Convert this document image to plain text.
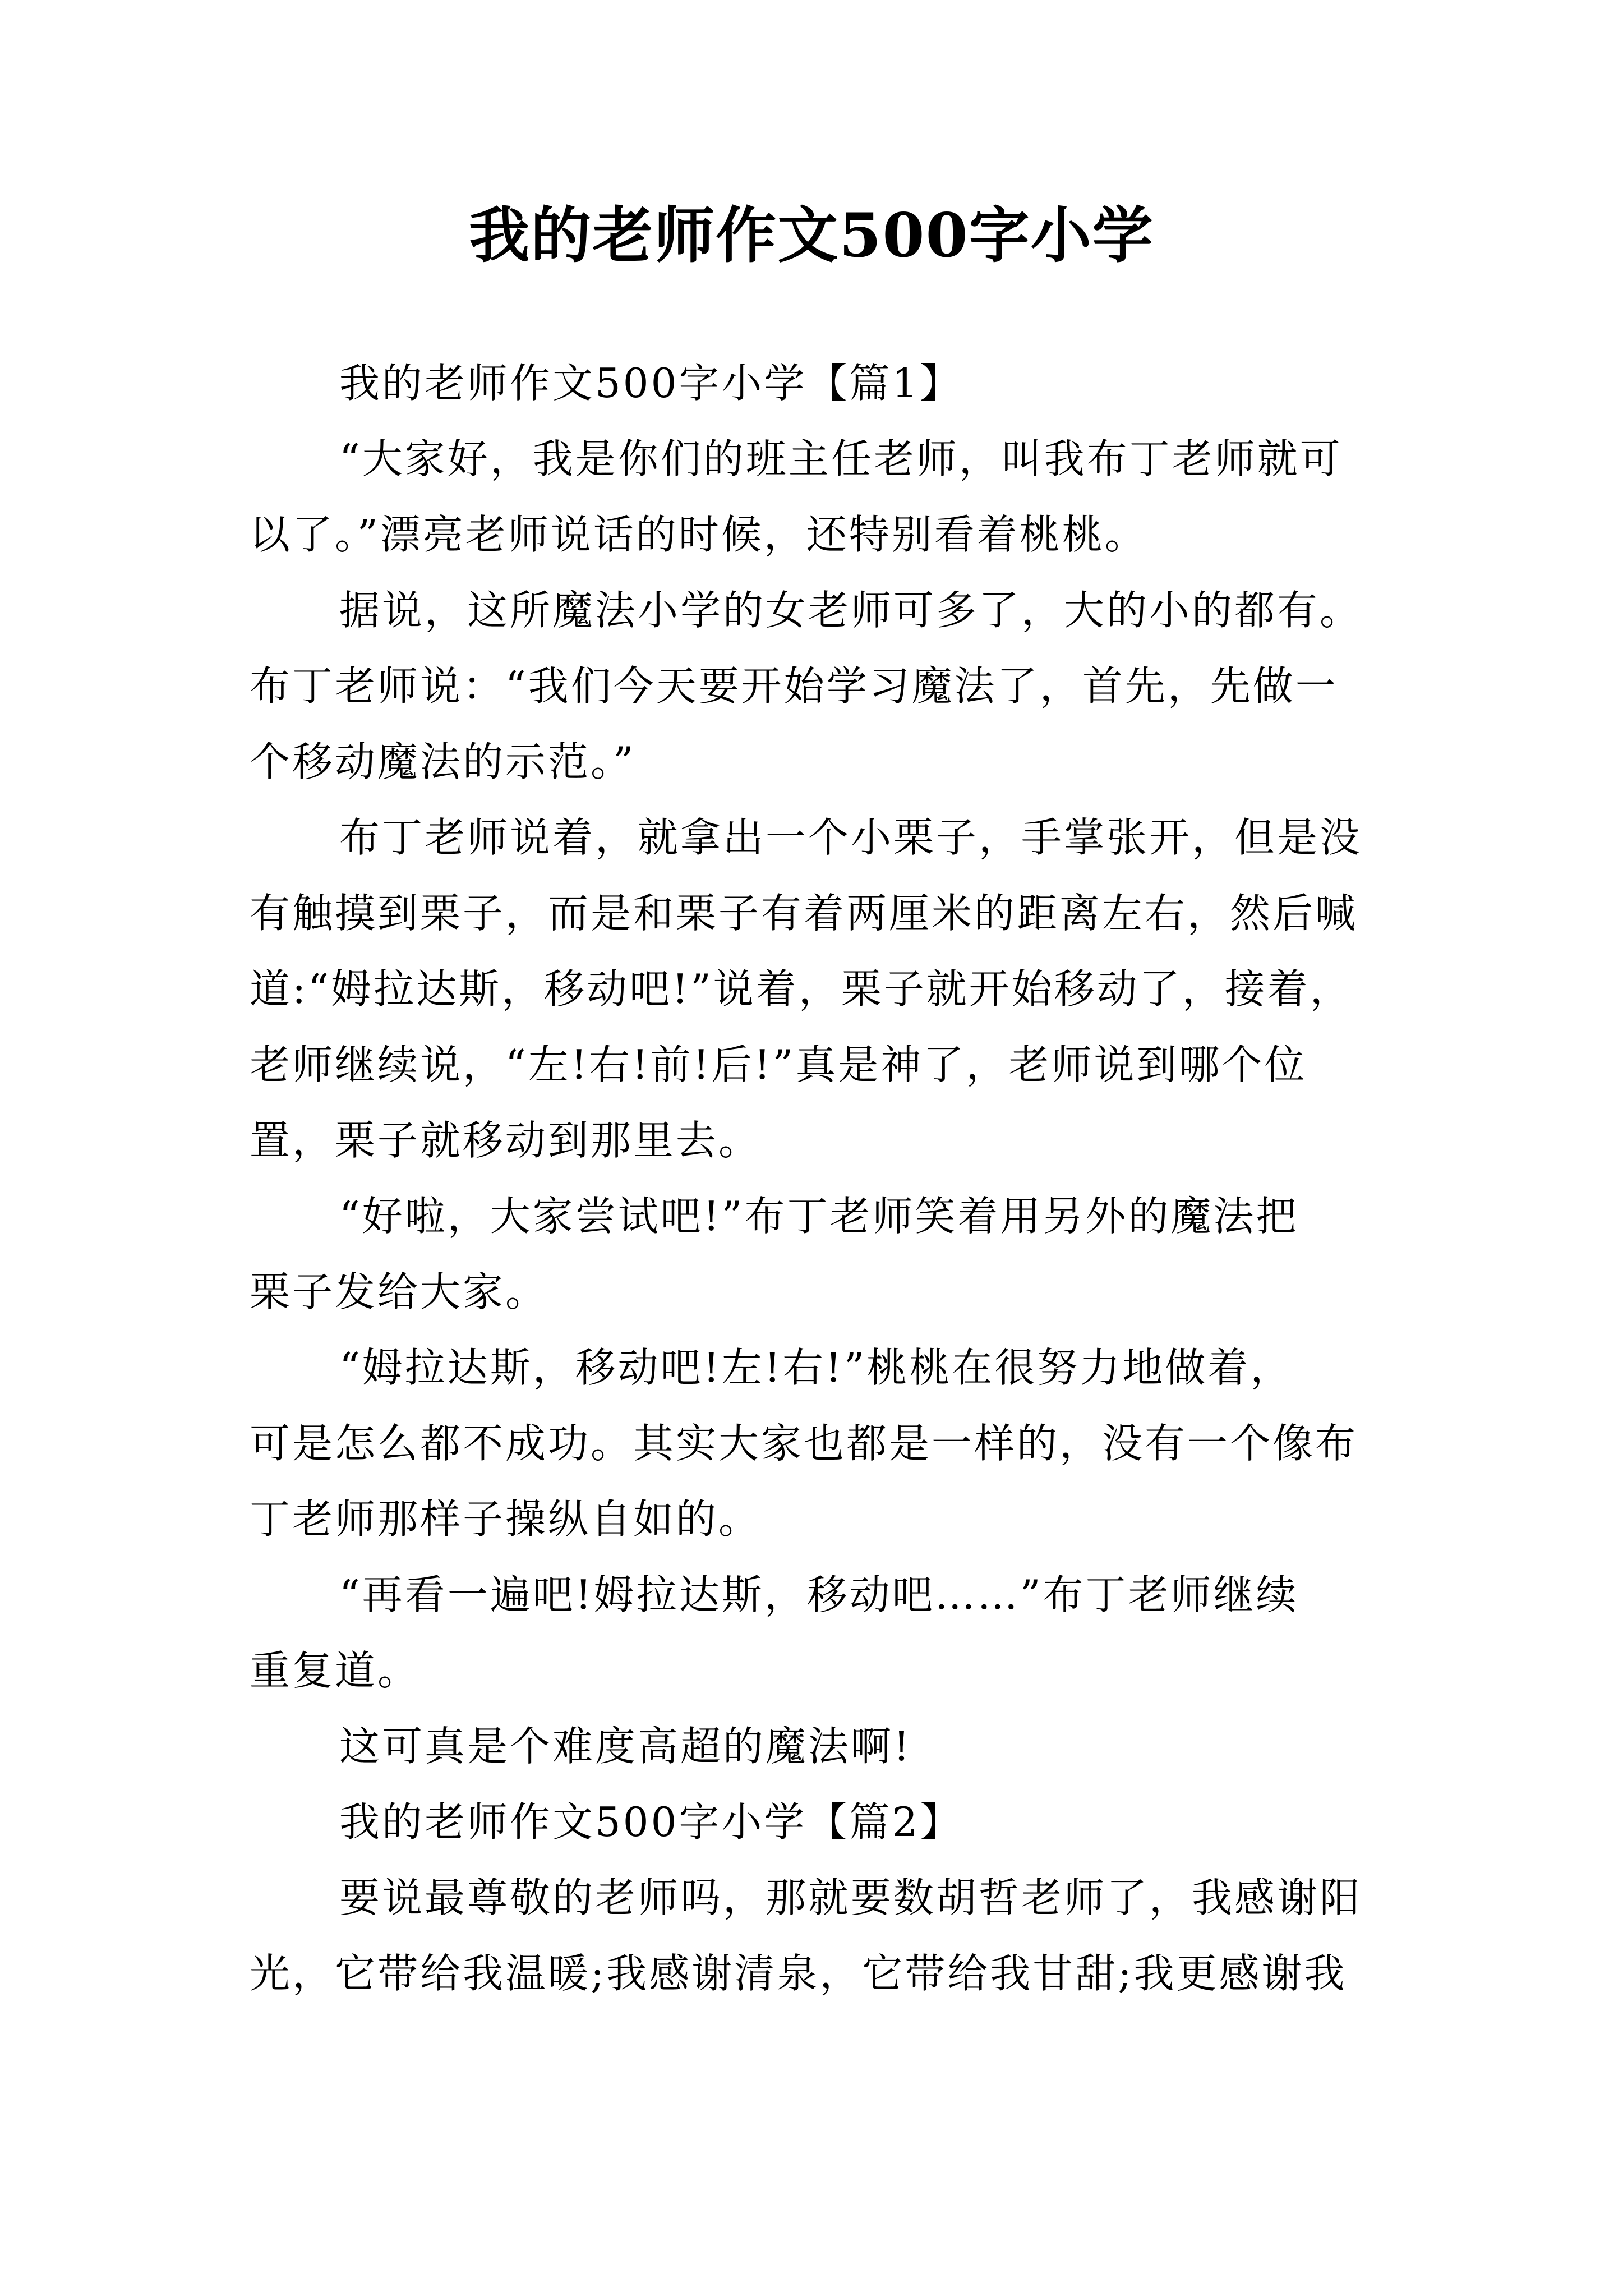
我的老师作文500字小学
我的老师作文500字小学【篇1】
“大家好，我是你们的班主任老师，叫我布丁老师就可
以了。”漂亮老师说话的时候，还特别看着桃桃。
据说，这所魔法小学的女老师可多了，大的小的都有。
布丁老师说：“我们今天要开始学习魔法了，首先，先做一
个移动魔法的示范。”
布丁老师说着，就拿出一个小栗子，手掌张开，但是没
有触摸到栗子，而是和栗子有着两厘米的距离左右，然后喊
道:“姆拉达斯，移动吧!”说着，栗子就开始移动了，接着，
老师继续说，“左!右!前!后!”真是神了，老师说到哪个位
置，栗子就移动到那里去。
“好啦，大家尝试吧!”布丁老师笑着用另外的魔法把
栗子发给大家。
“姆拉达斯，移动吧!左!右!”桃桃在很努力地做着，
可是怎么都不成功。其实大家也都是一样的，没有一个像布
丁老师那样子操纵自如的。
“再看一遍吧!姆拉达斯，移动吧……”布丁老师继续
重复道。
这可真是个难度高超的魔法啊!
我的老师作文500字小学【篇2】
要说最尊敬的老师吗，那就要数胡哲老师了，我感谢阳
光，它带给我温暖;我感谢清泉，它带给我甘甜;我更感谢我
